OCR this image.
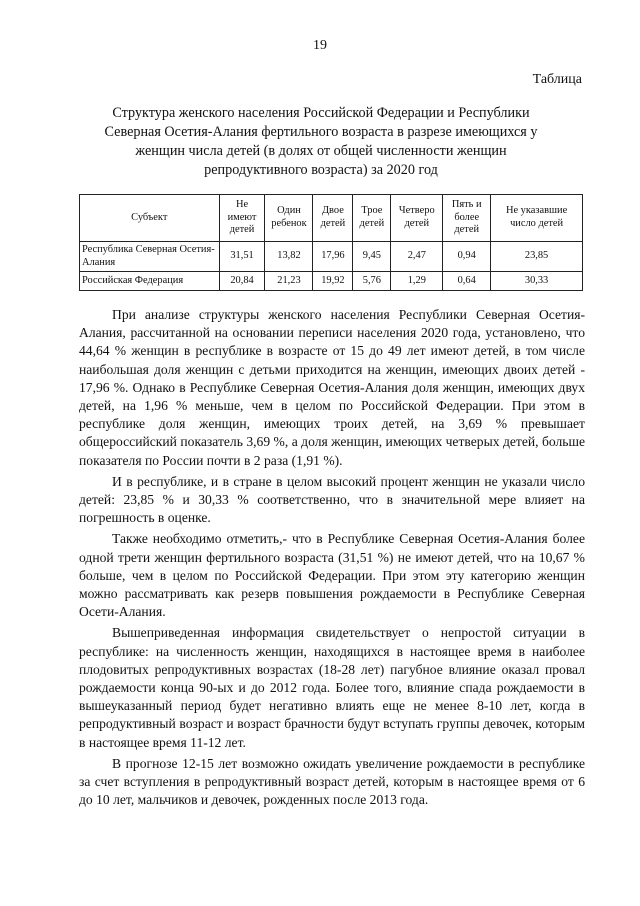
19
Таблица
Структура женского населения Российской Федерации и Республики Северная Осетия-Алания фертильного возраста в разрезе имеющихся у женщин числа детей (в долях от общей численности женщин репродуктивного возраста) за 2020 год
Субъект	Не имеют детей	Один ребенок	Двое детей	Трое детей	Четверо детей	Пять и более детей	Не указавшие число детей
Республика Северная Осетия-Алания	31,51	13,82	17,96	9,45	2,47	0,94	23,85
Российская Федерация	20,84	21,23	19,92	5,76	1,29	0,64	30,33

При анализе структуры женского населения Республики Северная Осетия-Алания, рассчитанной на основании переписи населения 2020 года, установлено, что 44,64 % женщин в республике в возрасте от 15 до 49 лет имеют детей, в том числе наибольшая доля женщин с детьми приходится на женщин, имеющих двоих детей - 17,96 %. Однако в Республике Северная Осетия-Алания доля женщин, имеющих двух детей, на 1,96 % меньше, чем в целом по Российской Федерации. При этом в республике доля женщин, имеющих троих детей, на 3,69 % превышает общероссийский показатель 3,69 %, а доля женщин, имеющих четверых детей, больше показателя по России почти в 2 раза (1,91 %).

И в республике, и в стране в целом высокий процент женщин не указали число детей: 23,85 % и 30,33 % соответственно, что в значительной мере влияет на погрешность в оценке.

Также необходимо отметить,- что в Республике Северная Осетия-Алания более одной трети женщин фертильного возраста (31,51 %) не имеют детей, что на 10,67 % больше, чем в целом по Российской Федерации. При этом эту категорию женщин можно рассматривать как резерв повышения рождаемости в Республике Северная Осети-Алания.

Вышеприведенная информация свидетельствует о непростой ситуации в республике: на численность женщин, находящихся в настоящее время в наиболее плодовитых репродуктивных возрастах (18-28 лет) пагубное влияние оказал провал рождаемости конца 90-ых и до 2012 года. Более того, влияние спада рождаемости в вышеуказанный период будет негативно влиять еще не менее 8-10 лет, когда в репродуктивный возраст и возраст брачности будут вступать группы девочек, которым в настоящее время 11-12 лет.

В прогнозе 12-15 лет возможно ожидать увеличение рождаемости в республике за счет вступления в репродуктивный возраст детей, которым в настоящее время от 6 до 10 лет, мальчиков и девочек, рожденных после 2013 года.
